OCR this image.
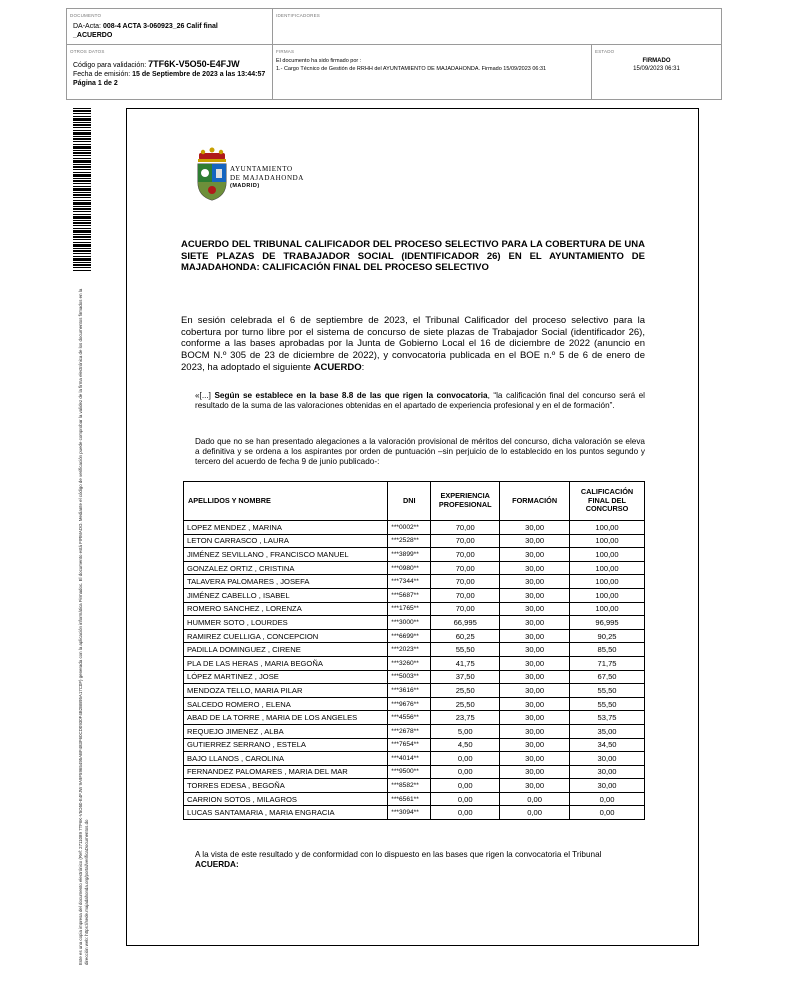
DOCUMENTO
DA-Acta: 008-4 ACTA 3-060923_26 Calif final
_ACUERDO
IDENTIFICADORES
OTROS DATOS
Código para validación: 7TF6K-V5O50-E4FJW
Fecha de emisión: 15 de Septiembre de 2023 a las 13:44:57
Página 1 de 2
FIRMAS
El documento ha sido firmado por :
1.- Cargo Técnico de Gestión de RRHH del AYUNTAMIENTO DE MAJADAHONDA. Firmado 15/09/2023 06:31
ESTADO
FIRMADO
15/09/2023 06:31
Este es una copia impresa del documento electrónico (Ref: 2711089 7TF6K-V5O50-E4FJW 9A9F5965495ABF483F60CD0930F4B2BB95A17C0F) generada con la aplicación informática Firmadoc. El documento está FIRMADO. Mediante el código de verificación puede comprobar la validez de la firma electrónica de los documentos firmados en la dirección web: https://sede.majadahonda.org/portal/verificaDocumentos.do
AYUNTAMIENTO
DE MAJADAHONDA
(MADRID)
ACUERDO DEL TRIBUNAL CALIFICADOR DEL PROCESO SELECTIVO PARA LA COBERTURA DE UNA SIETE PLAZAS DE TRABAJADOR SOCIAL (IDENTIFICADOR 26) EN EL AYUNTAMIENTO DE MAJADAHONDA: CALIFICACIÓN FINAL DEL PROCESO SELECTIVO
En sesión celebrada el 6 de septiembre de 2023, el Tribunal Calificador del proceso selectivo para la cobertura por turno libre por el sistema de concurso de siete plazas de Trabajador Social (identificador 26), conforme a las bases aprobadas por la Junta de Gobierno Local el 16 de diciembre de 2022 (anuncio en BOCM N.º 305 de 23 de diciembre de 2022), y convocatoria publicada en el BOE n.º 5 de 6 de enero de 2023, ha adoptado el siguiente ACUERDO:
«[...] Según se establece en la base 8.8 de las que rigen la convocatoria, “la calificación final del concurso será el resultado de la suma de las valoraciones obtenidas en el apartado de experiencia profesional y en el de formación”.
Dado que no se han presentado alegaciones a la valoración provisional de méritos del concurso, dicha valoración se eleva a definitiva y se ordena a los aspirantes por orden de puntuación –sin perjuicio de lo establecido en los puntos segundo y tercero del acuerdo de fecha 9 de junio publicado-:
APELLIDOS Y NOMBRE	DNI	EXPERIENCIA PROFESIONAL	FORMACIÓN	CALIFICACIÓN FINAL DEL CONCURSO
LOPEZ MENDEZ , MARINA	***0002**	70,00	30,00	100,00
LETON CARRASCO , LAURA	***2528**	70,00	30,00	100,00
JIMÉNEZ SEVILLANO , FRANCISCO MANUEL	***3899**	70,00	30,00	100,00
GONZALEZ ORTIZ , CRISTINA	***0980**	70,00	30,00	100,00
TALAVERA PALOMARES , JOSEFA	***7344**	70,00	30,00	100,00
JIMÉNEZ CABELLO , ISABEL	***5687**	70,00	30,00	100,00
ROMERO SANCHEZ , LORENZA	***1765**	70,00	30,00	100,00
HUMMER SOTO , LOURDES	***3000**	66,995	30,00	96,995
RAMIREZ CUELLIGA , CONCEPCION	***6699**	60,25	30,00	90,25
PADILLA DOMINGUEZ , CIRENE	***2023**	55,50	30,00	85,50
PLA DE LAS HERAS , MARIA BEGOÑA	***3260**	41,75	30,00	71,75
LÓPEZ MARTINEZ , JOSE	***5003**	37,50	30,00	67,50
MENDOZA TELLO, MARIA PILAR	***3616**	25,50	30,00	55,50
SALCEDO ROMERO , ELENA	***9676**	25,50	30,00	55,50
ABAD DE LA TORRE , MARIA DE LOS ANGELES	***4556**	23,75	30,00	53,75
REQUEJO JIMENEZ , ALBA	***2678**	5,00	30,00	35,00
GUTIERREZ SERRANO , ESTELA	***7654**	4,50	30,00	34,50
BAJO LLANOS , CAROLINA	***4014**	0,00	30,00	30,00
FERNANDEZ PALOMARES , MARIA DEL MAR	***9500**	0,00	30,00	30,00
TORRES EDESA , BEGOÑA	***8582**	0,00	30,00	30,00
CARRION SOTOS , MILAGROS	***6561**	0,00	0,00	0,00
LUCAS SANTAMARIA , MARIA ENGRACIA	***3094**	0,00	0,00	0,00
A la vista de este resultado y de conformidad con lo dispuesto en las bases que rigen la convocatoria el Tribunal ACUERDA:
